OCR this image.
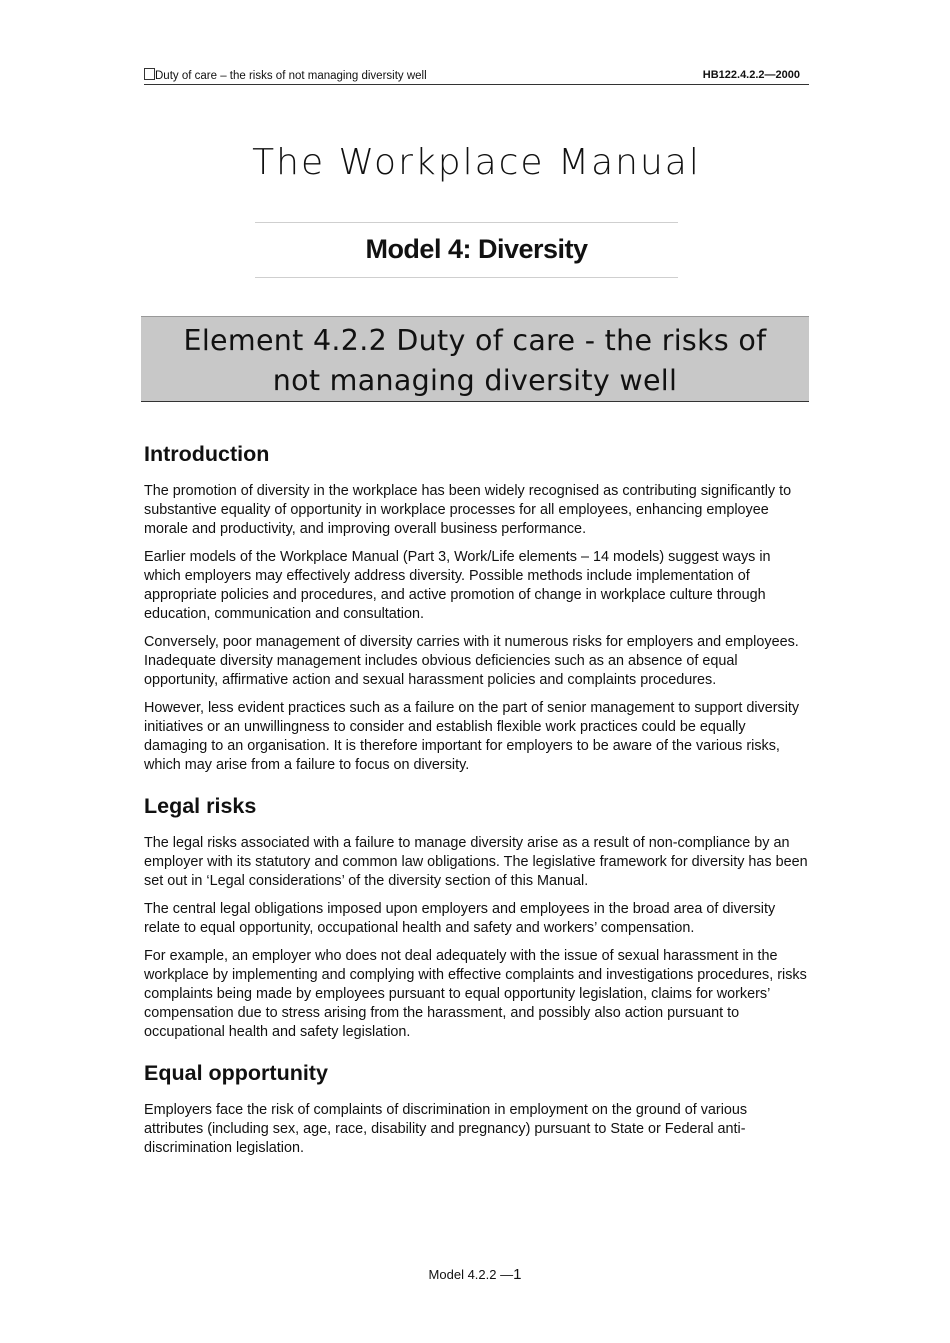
Duty of care – the risks of not managing diversity well	HB122.4.2.2—2000
The Workplace Manual
Model 4: Diversity
Element 4.2.2 Duty of care - the risks of
not managing diversity well
Introduction

The promotion of diversity in the workplace has been widely recognised as contributing significantly to substantive equality of opportunity in workplace processes for all employees, enhancing employee morale and productivity, and improving overall business performance.

Earlier models of the Workplace Manual (Part 3, Work/Life elements – 14 models) suggest ways in which employers may effectively address diversity. Possible methods include implementation of appropriate policies and procedures, and active promotion of change in workplace culture through education, communication and consultation.

Conversely, poor management of diversity carries with it numerous risks for employers and employees. Inadequate diversity management includes obvious deficiencies such as an absence of equal opportunity, affirmative action and sexual harassment policies and complaints procedures.

However, less evident practices such as a failure on the part of senior management to support diversity initiatives or an unwillingness to consider and establish flexible work practices could be equally damaging to an organisation. It is therefore important for employers to be aware of the various risks, which may arise from a failure to focus on diversity.

Legal risks

The legal risks associated with a failure to manage diversity arise as a result of non-compliance by an employer with its statutory and common law obligations. The legislative framework for diversity has been set out in ‘Legal considerations’ of the diversity section of this Manual.

The central legal obligations imposed upon employers and employees in the broad area of diversity relate to equal opportunity, occupational health and safety and workers’ compensation.

For example, an employer who does not deal adequately with the issue of sexual harassment in the workplace by implementing and complying with effective complaints and investigations procedures, risks complaints being made by employees pursuant to equal opportunity legislation, claims for workers’ compensation due to stress arising from the harassment, and possibly also action pursuant to occupational health and safety legislation.

Equal opportunity

Employers face the risk of complaints of discrimination in employment on the ground of various attributes (including sex, age, race, disability and pregnancy) pursuant to State or Federal anti-discrimination legislation.

Model 4.2.2 —1
